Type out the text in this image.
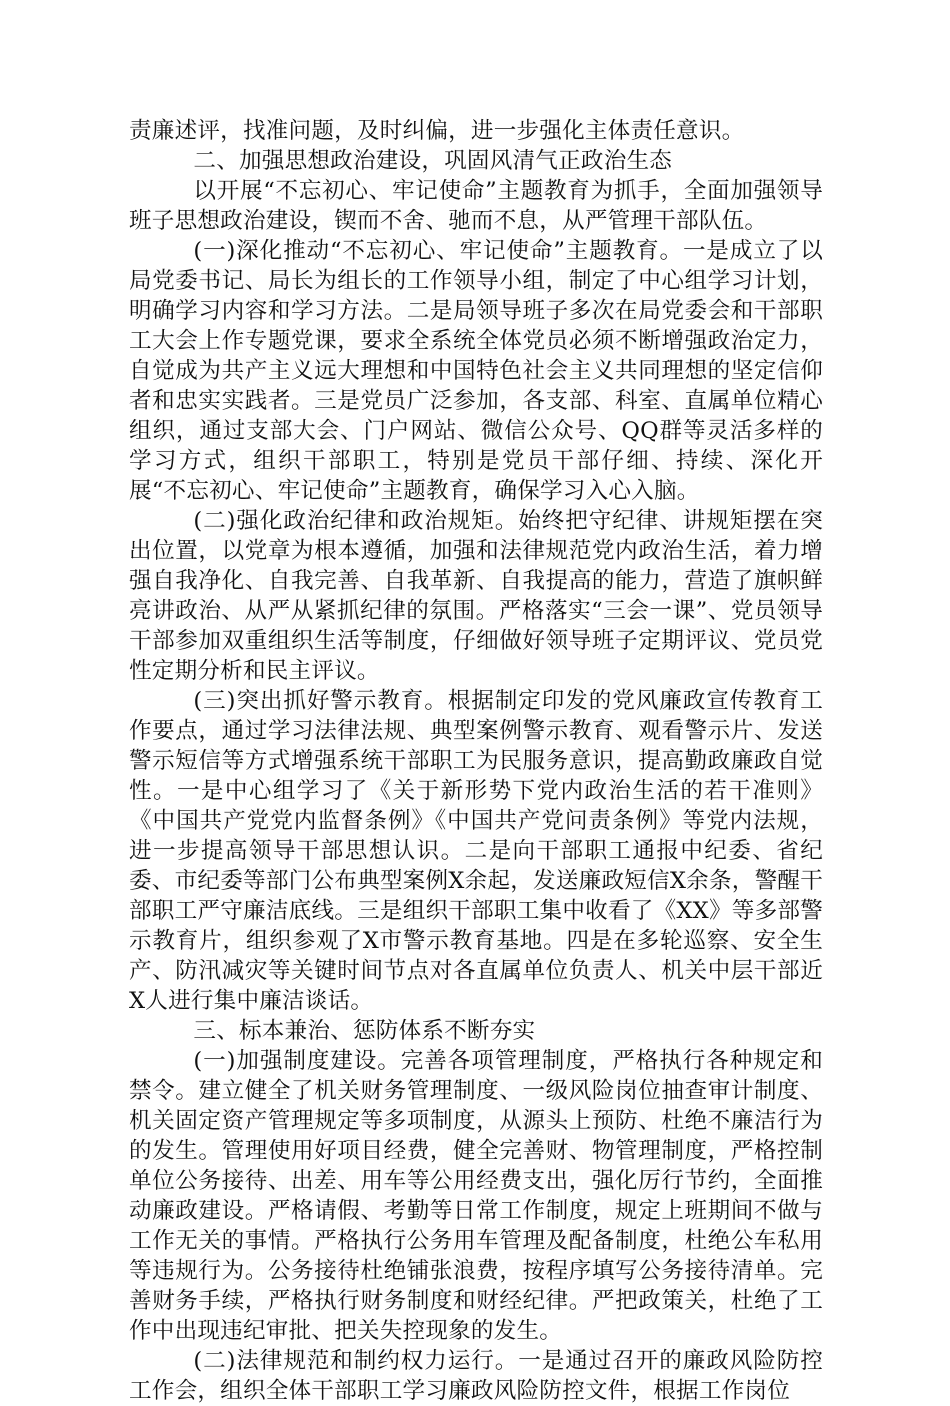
责廉述评，找准问题，及时纠偏，进一步强化主体责任意识。

二、加强思想政治建设，巩固风清气正政治生态

以开展“不忘初心、牢记使命”主题教育为抓手，全面加强领导班子思想政治建设，锲而不舍、驰而不息，从严管理干部队伍。

(一)深化推动“不忘初心、牢记使命”主题教育。一是成立了以局党委书记、局长为组长的工作领导小组，制定了中心组学习计划，明确学习内容和学习方法。二是局领导班子多次在局党委会和干部职工大会上作专题党课，要求全系统全体党员必须不断增强政治定力，自觉成为共产主义远大理想和中国特色社会主义共同理想的坚定信仰者和忠实实践者。三是党员广泛参加，各支部、科室、直属单位精心组织，通过支部大会、门户网站、微信公众号、QQ群等灵活多样的学习方式，组织干部职工，特别是党员干部仔细、持续、深化开展“不忘初心、牢记使命”主题教育，确保学习入心入脑。

(二)强化政治纪律和政治规矩。始终把守纪律、讲规矩摆在突出位置，以党章为根本遵循，加强和法律规范党内政治生活，着力增强自我净化、自我完善、自我革新、自我提高的能力，营造了旗帜鲜亮讲政治、从严从紧抓纪律的氛围。严格落实“三会一课”、党员领导干部参加双重组织生活等制度，仔细做好领导班子定期评议、党员党性定期分析和民主评议。

(三)突出抓好警示教育。根据制定印发的党风廉政宣传教育工作要点，通过学习法律法规、典型案例警示教育、观看警示片、发送警示短信等方式增强系统干部职工为民服务意识，提高勤政廉政自觉性。一是中心组学习了《关于新形势下党内政治生活的若干准则》《中国共产党党内监督条例》《中国共产党问责条例》等党内法规，进一步提高领导干部思想认识。二是向干部职工通报中纪委、省纪委、市纪委等部门公布典型案例X余起，发送廉政短信X余条，警醒干部职工严守廉洁底线。三是组织干部职工集中收看了《XX》等多部警示教育片，组织参观了X市警示教育基地。四是在多轮巡察、安全生产、防汛减灾等关键时间节点对各直属单位负责人、机关中层干部近X人进行集中廉洁谈话。

三、标本兼治、惩防体系不断夯实

(一)加强制度建设。完善各项管理制度，严格执行各种规定和禁令。建立健全了机关财务管理制度、一级风险岗位抽查审计制度、机关固定资产管理规定等多项制度，从源头上预防、杜绝不廉洁行为的发生。管理使用好项目经费，健全完善财、物管理制度，严格控制单位公务接待、出差、用车等公用经费支出，强化厉行节约，全面推动廉政建设。严格请假、考勤等日常工作制度，规定上班期间不做与工作无关的事情。严格执行公务用车管理及配备制度，杜绝公车私用等违规行为。公务接待杜绝铺张浪费，按程序填写公务接待清单。完善财务手续，严格执行财务制度和财经纪律。严把政策关，杜绝了工作中出现违纪审批、把关失控现象的发生。

(二)法律规范和制约权力运行。一是通过召开的廉政风险防控工作会，组织全体干部职工学习廉政风险防控文件，根据工作岗位
